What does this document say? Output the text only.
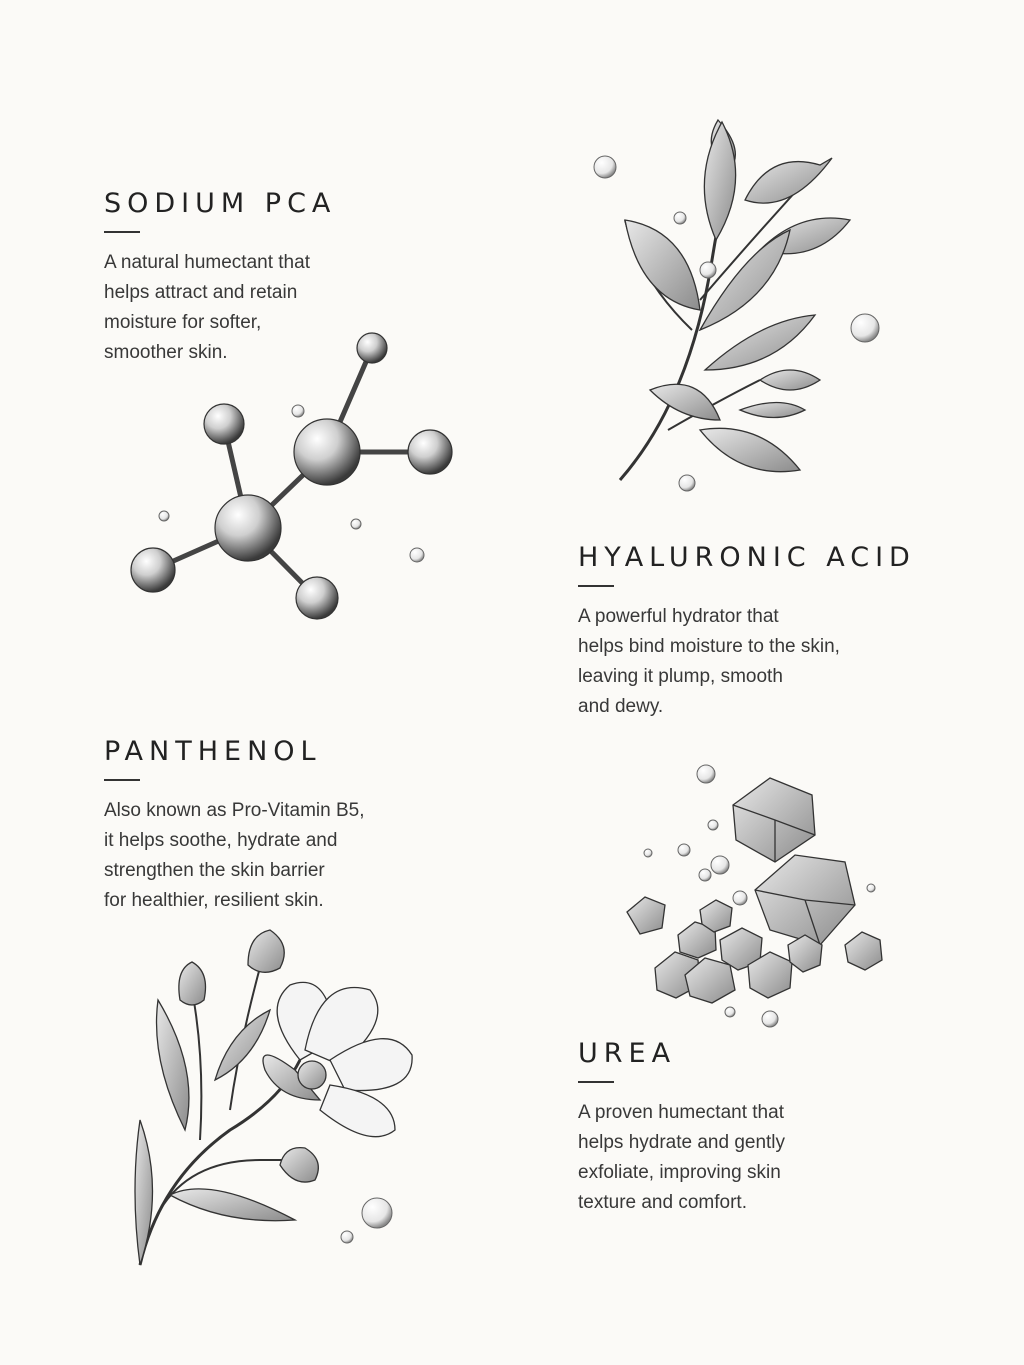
SODIUM PCA

A natural humectant that
helps attract and retain
moisture for softer,
smoother skin.

HYALURONIC ACID

A powerful hydrator that
helps bind moisture to the skin,
leaving it plump, smooth
and dewy.

PANTHENOL

Also known as Pro-Vitamin B5,
it helps soothe, hydrate and
strengthen the skin barrier
for healthier, resilient skin.

UREA

A proven humectant that
helps hydrate and gently
exfoliate, improving skin
texture and comfort.
